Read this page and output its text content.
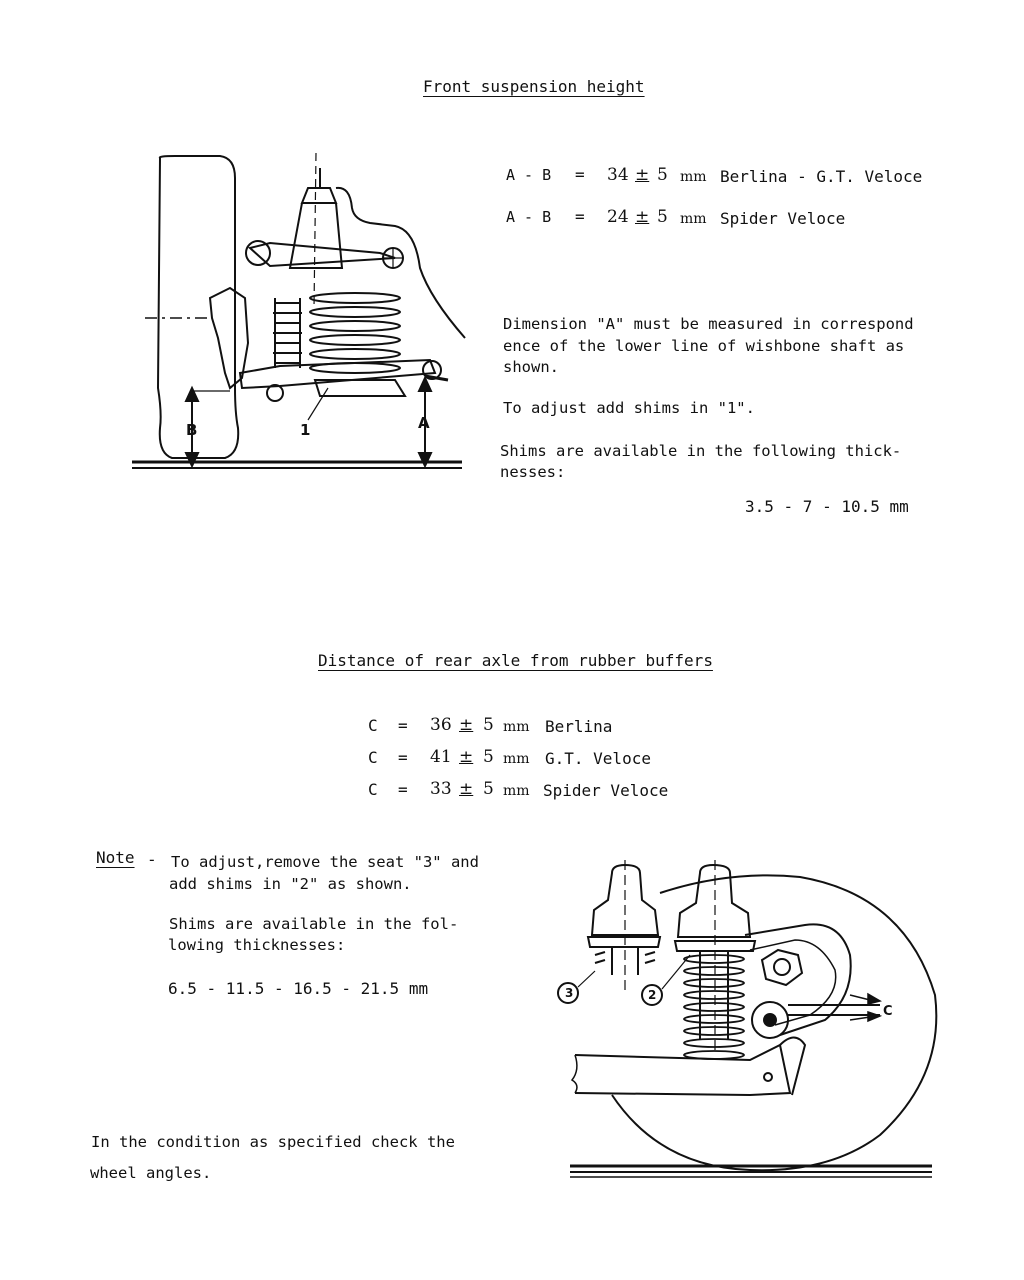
Front suspension height
B	1	A
A - B = 34 ± 5 mm Berlina - G.T. Veloce
A - B = 24 ± 5 mm Spider Veloce
Dimension "A" must be measured in correspond
ence of the lower line of wishbone shaft as
shown.
To adjust add shims in "1".
Shims are available in the following thick-
nesses:
3.5 - 7 - 10.5 mm
Distance of rear axle from rubber buffers
C = 36 ± 5 mm Berlina
C = 41 ± 5 mm G.T. Veloce
C = 33 ± 5 mm Spider Veloce
Note - To adjust,remove the seat "3" and
add shims in "2" as shown.
Shims are available in the fol-
lowing thicknesses:
6.5 - 11.5 - 16.5 - 21.5 mm
In the condition as specified check the
wheel angles.
3	2
C
